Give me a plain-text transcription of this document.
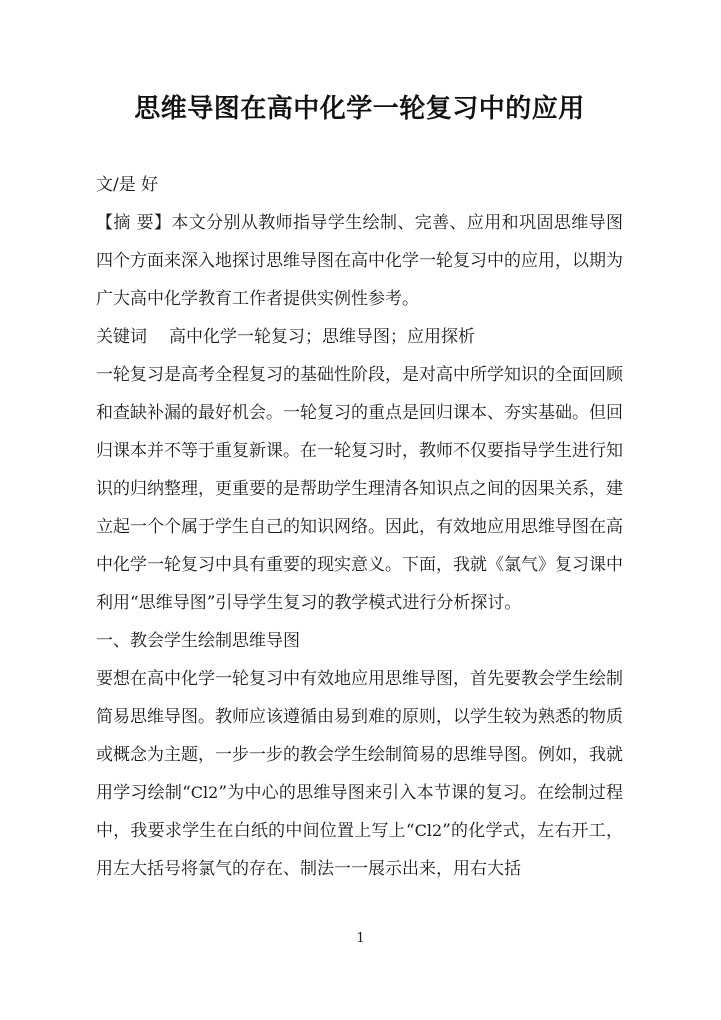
思维导图在高中化学一轮复习中的应用

文/是 好

【摘 要】本文分别从教师指导学生绘制、完善、应用和巩固思维导图四个方面来深入地探讨思维导图在高中化学一轮复习中的应用，以期为广大高中化学教育工作者提供实例性参考。

关键词 高中化学一轮复习；思维导图；应用探析

一轮复习是高考全程复习的基础性阶段，是对高中所学知识的全面回顾和查缺补漏的最好机会。一轮复习的重点是回归课本、夯实基础。但回归课本并不等于重复新课。在一轮复习时，教师不仅要指导学生进行知识的归纳整理，更重要的是帮助学生理清各知识点之间的因果关系，建立起一个个属于学生自己的知识网络。因此，有效地应用思维导图在高中化学一轮复习中具有重要的现实意义。下面，我就《氯气》复习课中利用“思维导图”引导学生复习的教学模式进行分析探讨。

一、教会学生绘制思维导图

要想在高中化学一轮复习中有效地应用思维导图，首先要教会学生绘制简易思维导图。教师应该遵循由易到难的原则，以学生较为熟悉的物质或概念为主题，一步一步的教会学生绘制简易的思维导图。例如，我就用学习绘制“Cl2”为中心的思维导图来引入本节课的复习。在绘制过程中，我要求学生在白纸的中间位置上写上“Cl2”的化学式，左右开工，用左大括号将氯气的存在、制法一一展示出来，用右大括

1
